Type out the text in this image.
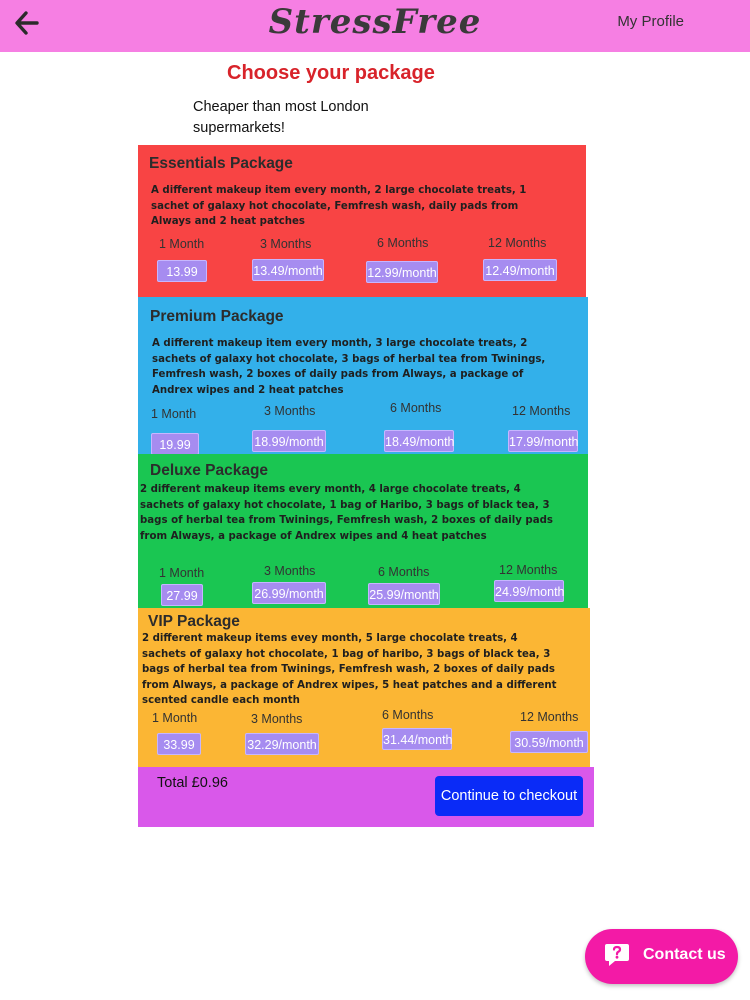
StressFree	My Profile
Choose your package
Cheaper than most London supermarkets!
Essentials Package
A different makeup item every month, 2 large chocolate treats, 1 sachet of galaxy hot chocolate, Femfresh wash, daily pads from Always and 2 heat patches
1 Month	3 Months	6 Months	12 Months
13.99	13.49/month	12.99/month	12.49/month
Premium Package
A different makeup item every month, 3 large chocolate treats, 2 sachets of galaxy hot chocolate, 3 bags of herbal tea from Twinings, Femfresh wash, 2 boxes of daily pads from Always, a package of Andrex wipes and 2 heat patches
1 Month	3 Months	6 Months	12 Months
19.99	18.99/month	18.49/month	17.99/month
Deluxe Package
2 different makeup items every month, 4 large chocolate treats, 4 sachets of galaxy hot chocolate, 1 bag of Haribo, 3 bags of black tea, 3 bags of herbal tea from Twinings, Femfresh wash, 2 boxes of daily pads from Always, a package of Andrex wipes and 4 heat patches
1 Month	3 Months	6 Months	12 Months
27.99	26.99/month	25.99/month	24.99/month
VIP Package
2 different makeup items evey month, 5 large chocolate treats, 4 sachets of galaxy hot chocolate, 1 bag of haribo, 3 bags of black tea, 3 bags of herbal tea from Twinings, Femfresh wash, 2 boxes of daily pads from Always, a package of Andrex wipes, 5 heat patches and a different scented candle each month
1 Month	3 Months	6 Months	12 Months
33.99	32.29/month	31.44/month	30.59/month
Total £0.96
Continue to checkout
Contact us
